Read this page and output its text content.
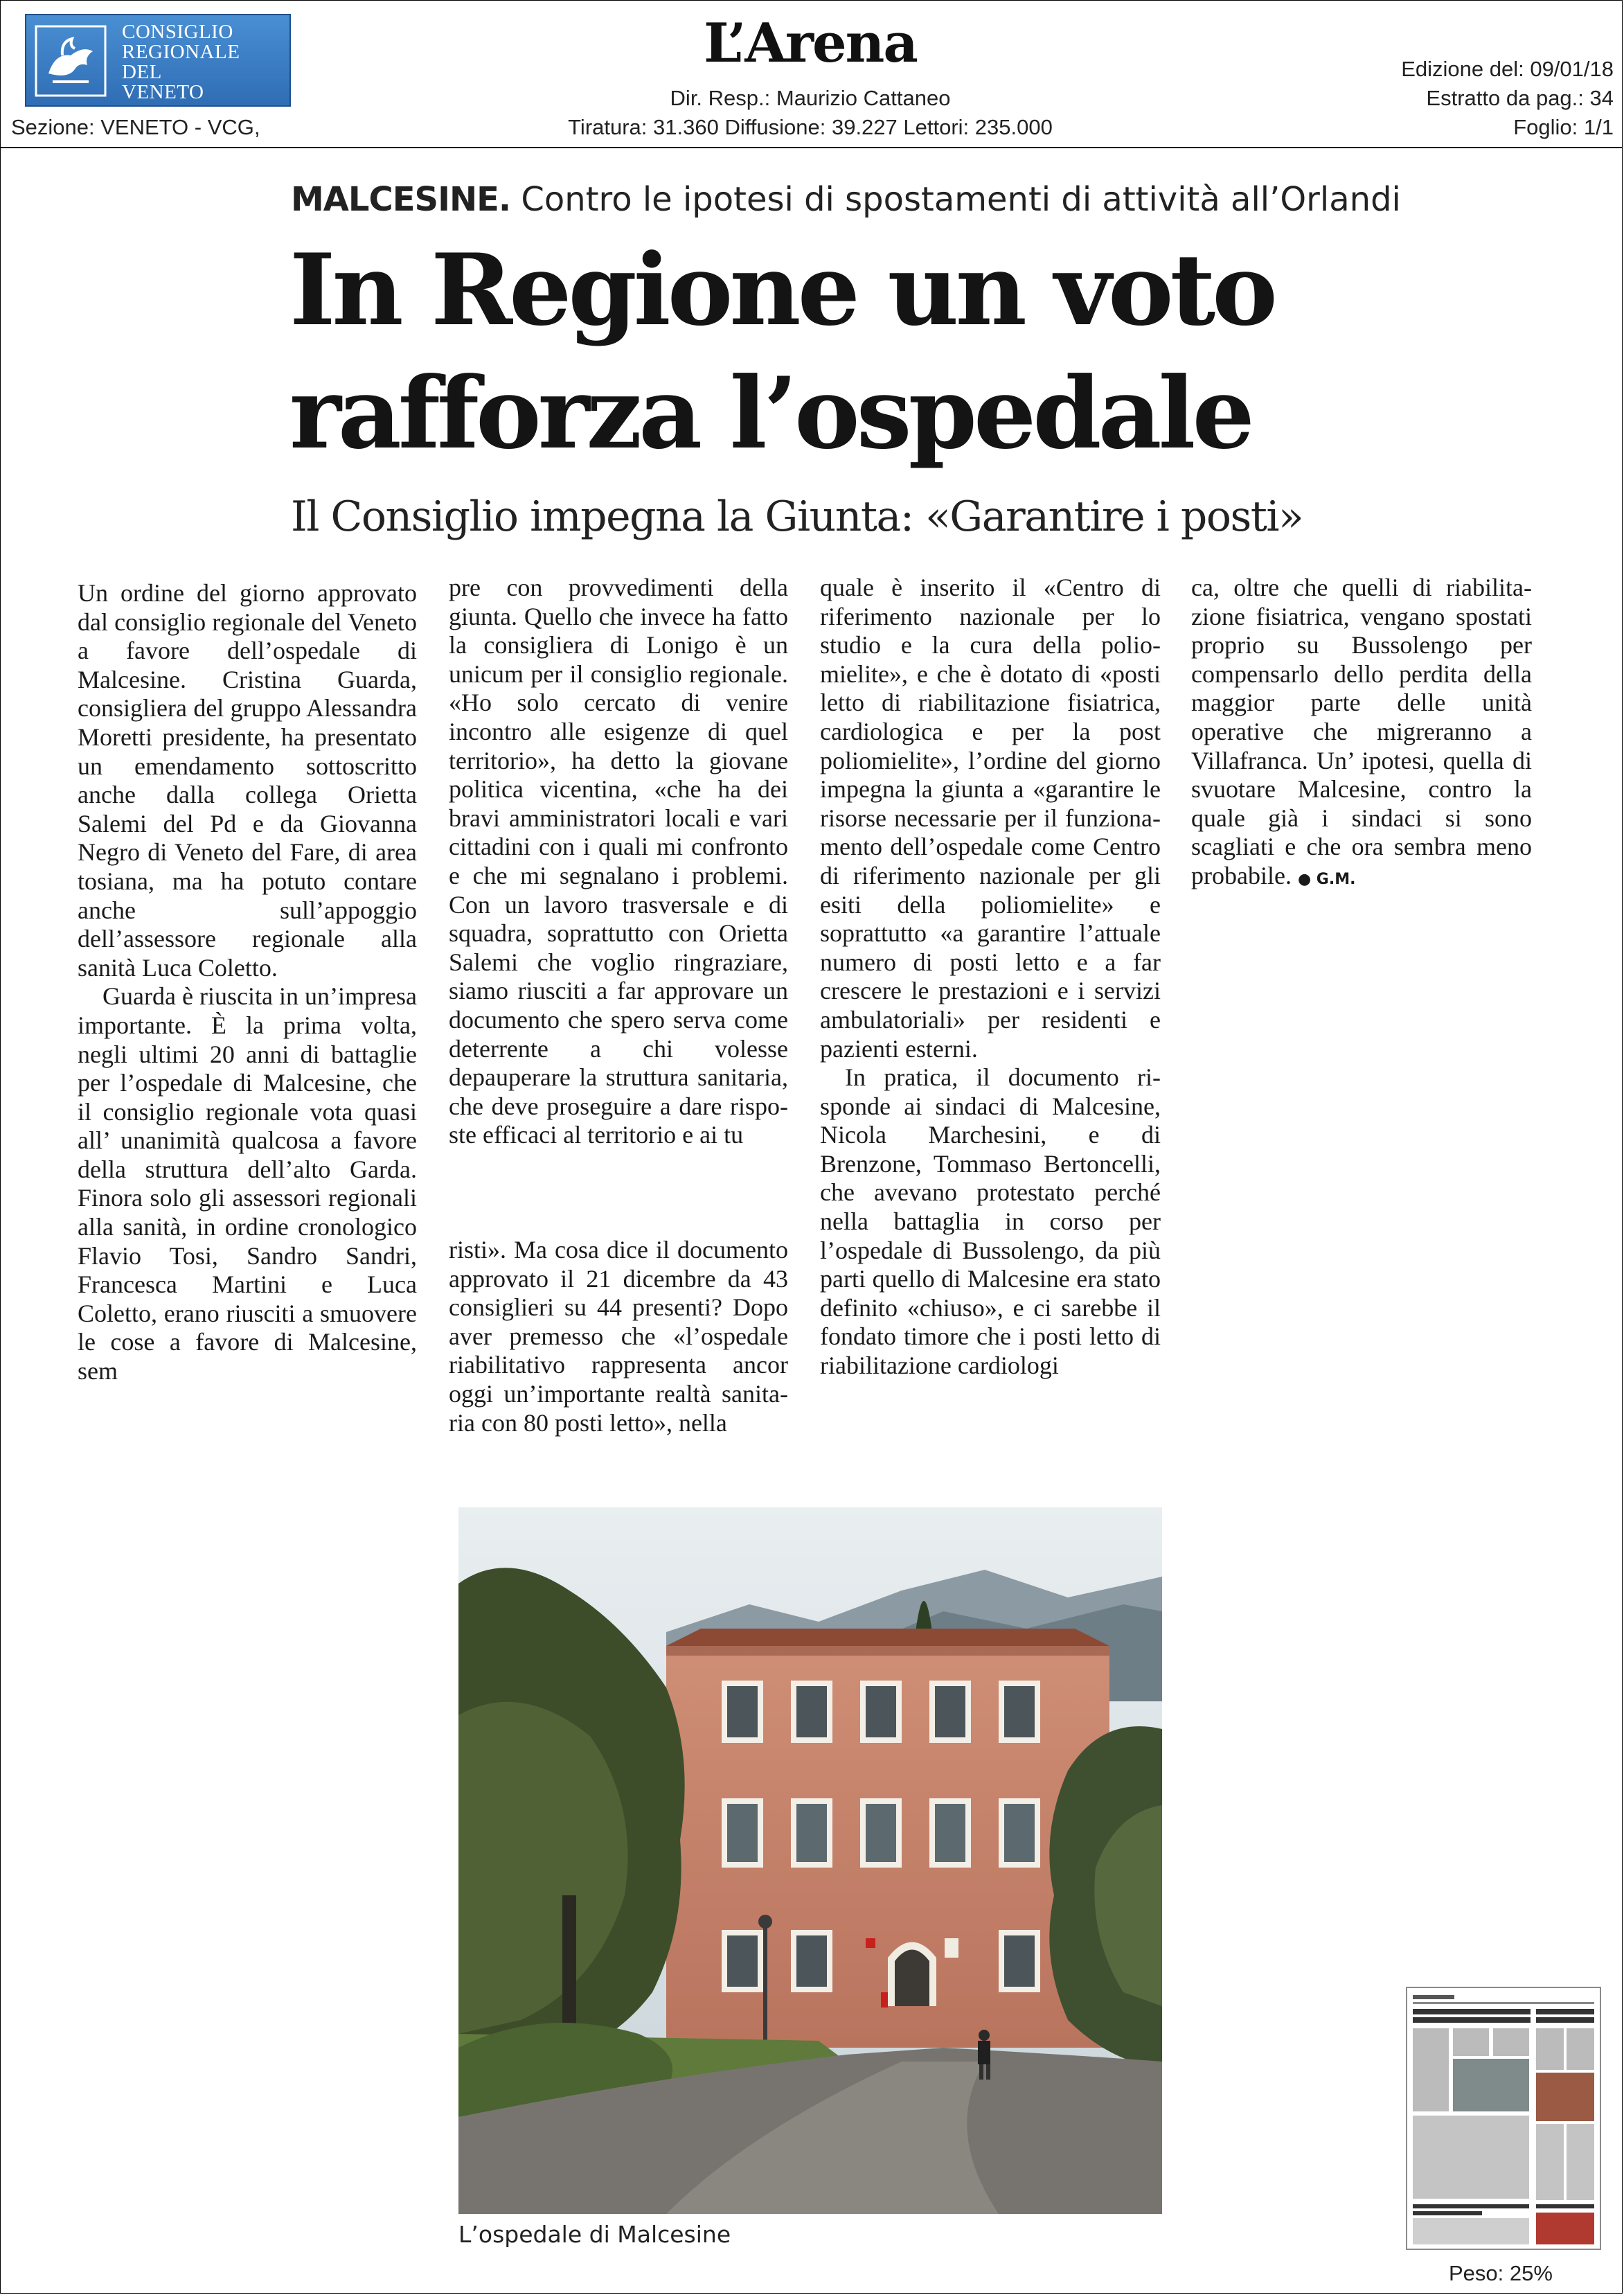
CONSIGLIO
REGIONALE
DEL
VENETO
L’Arena
Sezione: VENETO - VCG,
Dir. Resp.: Maurizio Cattaneo
Tiratura: 31.360 Diffusione: 39.227 Lettori: 235.000
Edizione del: 09/01/18
Estratto da pag.: 34
Foglio: 1/1
MALCESINE. Contro le ipotesi di spostamenti di attività all’Orlandi
In Regione un voto
rafforza l’ospedale
Il Consiglio impegna la Giunta: «Garantire i posti»

Un ordine del giorno approvato dal consiglio regionale del Veneto a favore dell’ospedale di Malcesine. Cristina Guarda, consigliera del gruppo Alessandra Moretti presidente, ha presentato un emendamento sottoscritto anche dalla collega Orietta Salemi del Pd e da Giovanna Negro di Veneto del Fare, di area tosiana, ma ha potuto contare anche sull’appoggio dell’assessore regionale alla sanità Luca Coletto.

Guarda è riuscita in un’impresa importante. È la prima volta, negli ultimi 20 anni di battaglie per l’ospedale di Malcesine, che il consiglio regionale vota quasi all’ unanimità qualcosa a favore della struttura dell’alto Garda. Finora solo gli assessori regionali alla sanità, in ordine cronologico Flavio Tosi, Sandro Sandri, Francesca Martini e Luca Coletto, erano riusciti a smuovere le cose a favore di Malcesine, sem

pre con provvedimenti della giunta. Quello che invece ha fatto la consigliera di Lonigo è un unicum per il consiglio regionale. «Ho solo cercato di venire incontro alle esigenze di quel territorio», ha detto la giovane politica vicentina, «che ha dei bravi amministratori locali e vari cittadini con i quali mi confronto e che mi segnalano i problemi. Con un lavoro trasversale e di squadra, soprattutto con Orietta Salemi che voglio ringraziare, siamo riusciti a far approvare un documento che spero serva come deterrente a chi volesse depauperare la struttura sanitaria, che deve proseguire a dare risposte efficaci al territorio e ai tu

risti». Ma cosa dice il documento approvato il 21 dicembre da 43 consiglieri su 44 presenti? Dopo aver premesso che «l’ospedale riabilitativo rappresenta ancor oggi un’importante realtà sanitaria con 80 posti letto», nella

quale è inserito il «Centro di riferimento nazionale per lo studio e la cura della poliomielite», e che è dotato di «posti letto di riabilitazione fisiatrica, cardiologica e per la post poliomielite», l’ordine del giorno impegna la giunta a «garantire le risorse necessarie per il funzionamento dell’ospedale come Centro di riferimento nazionale per gli esiti della poliomielite» e soprattutto «a garantire l’attuale numero di posti letto e a far crescere le prestazioni e i servizi ambulatoriali» per residenti e pazienti esterni.

In pratica, il documento risponde ai sindaci di Malcesine, Nicola Marchesini, e di Brenzone, Tommaso Bertoncelli, che avevano protestato perché nella battaglia in corso per l’ospedale di Bussolengo, da più parti quello di Malcesine era stato definito «chiuso», e ci sarebbe il fondato timore che i posti letto di riabilitazione cardiologi

ca, oltre che quelli di riabilitazione fisiatrica, vengano spostati proprio su Bussolengo per compensarlo dello perdita della maggior parte delle unità operative che migreranno a Villafranca. Un’ ipotesi, quella di svuotare Malcesine, contro la quale già i sindaci si sono scagliati e che ora sembra meno probabile. ● G.M.

L’ospedale di Malcesine
Peso: 25%
